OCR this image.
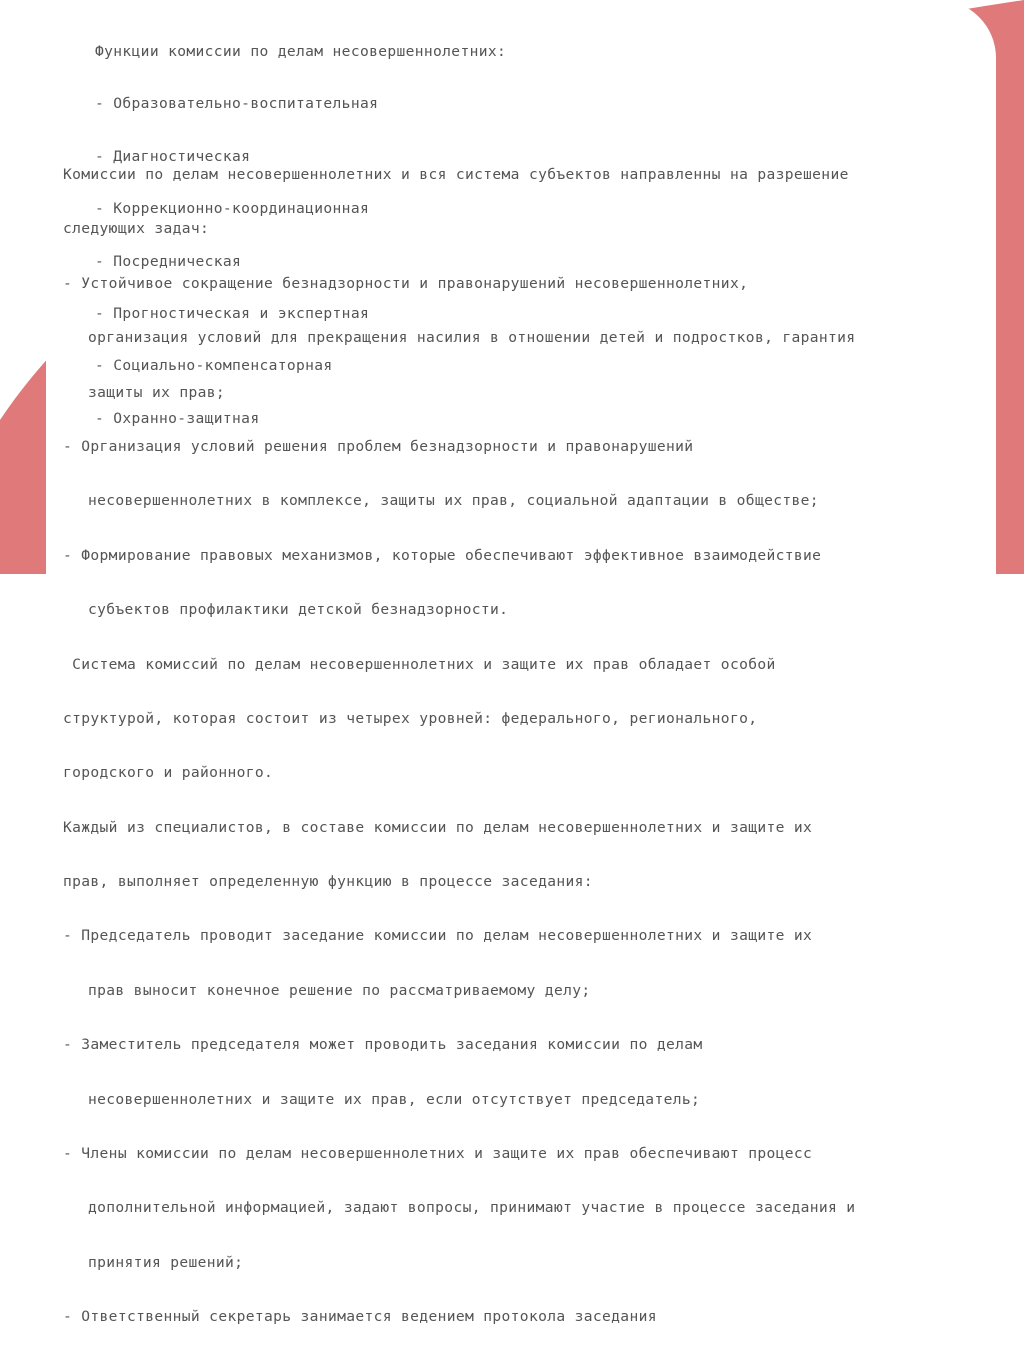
Функции комиссии по делам несовершеннолетних:

- Образовательно-воспитательная

- Диагностическая

- Коррекционно-координационная

- Посредническая

- Прогностическая и экспертная

- Социально-компенсаторная

- Охранно-защитная

Комиссии по делам несовершеннолетних и вся система субъектов направленны на разрешение

следующих задач:

- Устойчивое сокращение безнадзорности и правонарушений несовершеннолетних,

организация условий для прекращения насилия в отношении детей и подростков, гарантия

защиты их прав;

- Организация условий решения проблем безнадзорности и правонарушений

несовершеннолетних в комплексе, защиты их прав, социальной адаптации в обществе;

- Формирование правовых механизмов, которые обеспечивают эффективное взаимодействие

субъектов профилактики детской безнадзорности.

Система комиссий по делам несовершеннолетних и защите их прав обладает особой

структурой, которая состоит из четырех уровней: федерального, регионального,

городского и районного.

Каждый из специалистов, в составе комиссии по делам несовершеннолетних и защите их

прав, выполняет определенную функцию в процессе заседания:

- Председатель проводит заседание комиссии по делам несовершеннолетних и защите их

прав выносит конечное решение по рассматриваемому делу;

- Заместитель председателя может проводить заседания комиссии по делам

несовершеннолетних и защите их прав, если отсутствует председатель;

- Члены комиссии по делам несовершеннолетних и защите их прав обеспечивают процесс

дополнительной информацией, задают вопросы, принимают участие в процессе заседания и

принятия решений;

- Ответственный секретарь занимается ведением протокола заседания
